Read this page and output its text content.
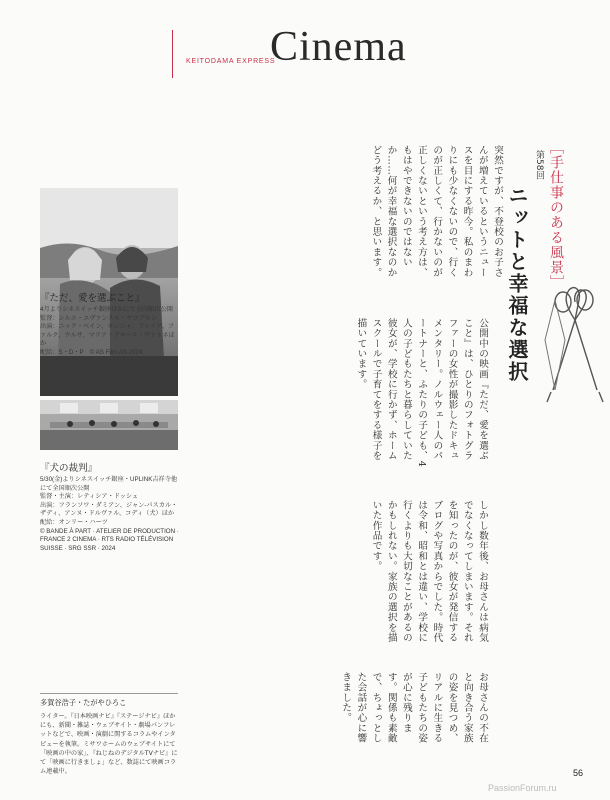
KEITODAMA EXPRESS
Cinema
［手仕事のある風景］
第58回
ニットと幸福な選択
突然ですが、不登校のお子さんが増えているというニュースを目にする昨今。私のまわりにも少なくないので、行くのが正しくて、行かないのが正しくないという考え方は、もはやできないのではないか……何が幸福な選択なのかどう考えるか、と思います。
公開中の映画『ただ、愛を選ぶこと』は、ひとりのフォトグラファーの女性が撮影したドキュメンタリー。ノルウェー人のパートナーと、ふたりの子ども、4人の子どもたちと暮らしていた彼女が、学校に行かず、ホームスクールで子育てをする様子を描いています。
しかし数年後、お母さんは病気でなくなってしまいます。それを知ったのが、彼女が発信するブログや写真からでした。時代は令和、昭和とは違い、学校に行くよりも大切なことがあるのかもしれない。家族の選択を描いた作品です。
お母さんの不在と向き合う家族の姿を見つめ、リアルに生きる子どもたちの姿が心に残ります。関係も素敵で、ちょっとした会話が心に響きました。
『ただ、愛を選ぶこと』
4月よりシネスイッチ銀座ほかにて全国順次公開
監督：シルエ・エヴァンスモ・ヤコブセン
出演：ニック・ベイン、ロンニャ、フレイア、ファルク、ウルサ、マリア・グロース・ヴァトネほか
配給：S・D・P　© AS Film AS 2024
『犬の裁判』
5/30(金)よりシネスイッチ銀座・UPLINK吉祥寺他にて全国順次公開
監督・主演：レティシア・ドッシュ
出演：フランソワ・ダミアン、ジャン-パスカル・ザディ、アンヌ・ドルヴァル、コディ（犬）ほか
配給：オンリー・ハーツ
© BANDE À PART · ATELIER DE PRODUCTION · FRANCE 2 CINEMA · RTS RADIO TÉLÉVISION SUISSE · SRG SSR · 2024
多賀谷浩子・たがやひろこ
ライター。『日本映画ナビ』『ステージナビ』ほかにも、新聞・雑誌・ウェブサイト・劇場パンフレットなどで、映画・演劇に関するコラムやインタビューを執筆。ミサワホームのウェブサイトにて「映画の中の家」、『ねじねのデジタルTVナビ』にて「映画に行きましょ」など、数誌にて映画コラム連載中。	56
PassionForum.ru
